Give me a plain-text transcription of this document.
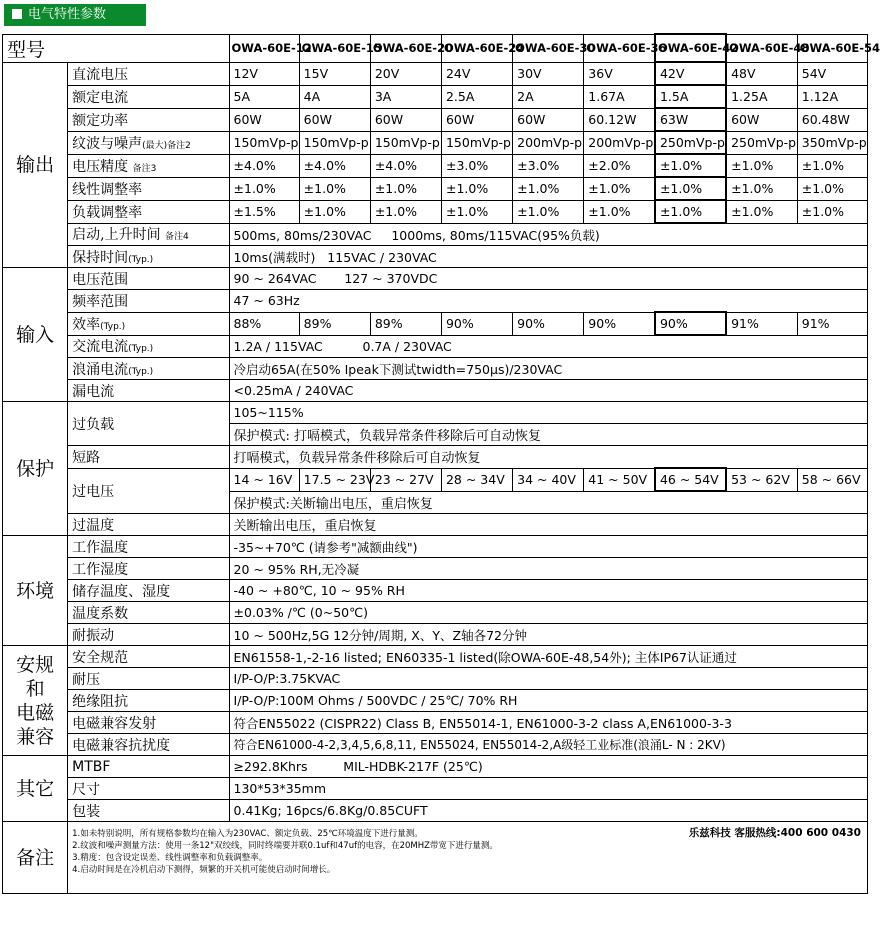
电气特性参数
型号		OWA-60E-12	OWA-60E-15	OWA-60E-20	OWA-60E-24	OWA-60E-30	OWA-60E-36	OWA-60E-42	OWA-60E-48	OWA-60E-54
输出	直流电压	12V	15V	20V	24V	30V	36V	42V	48V	54V
	额定电流	5A	4A	3A	2.5A	2A	1.67A	1.5A	1.25A	1.12A
	额定功率	60W	60W	60W	60W	60W	60.12W	63W	60W	60.48W
	纹波与噪声(最大)备注2	150mVp-p	150mVp-p	150mVp-p	150mVp-p	200mVp-p	200mVp-p	250mVp-p	250mVp-p	350mVp-p
	电压精度 备注3	±4.0%	±4.0%	±4.0%	±3.0%	±3.0%	±2.0%	±1.0%	±1.0%	±1.0%
	线性调整率	±1.0%	±1.0%	±1.0%	±1.0%	±1.0%	±1.0%	±1.0%	±1.0%	±1.0%
	负载调整率	±1.5%	±1.0%	±1.0%	±1.0%	±1.0%	±1.0%	±1.0%	±1.0%	±1.0%
	启动,上升时间 备注4	500ms, 80ms/230VAC     1000ms, 80ms/115VAC(95%负载)								
	保持时间(Typ.)	10ms(满载时)   115VAC / 230VAC								
输入	电压范围	90 ~ 264VAC       127 ~ 370VDC								
	频率范围	47 ~ 63Hz								
	效率(Typ.)	88%	89%	89%	90%	90%	90%	90%	91%	91%
	交流电流(Typ.)	1.2A / 115VAC          0.7A / 230VAC								
	浪涌电流(Typ.)	冷启动65A(在50% Ipeak下测试twidth=750µs)/230VAC								
	漏电流	<0.25mA / 240VAC								
保护	过负载	105~115%								
		保护模式: 打嗝模式，负载异常条件移除后可自动恢复								
	短路	打嗝模式，负载异常条件移除后可自动恢复								
	过电压	14 ~ 16V	17.5 ~ 23V	23 ~ 27V	28 ~ 34V	34 ~ 40V	41 ~ 50V	46 ~ 54V	53 ~ 62V	58 ~ 66V
		保护模式:关断输出电压，重启恢复								
	过温度	关断输出电压，重启恢复								
环境	工作温度	-35~+70℃ (请参考"减额曲线")								
	工作湿度	20 ~ 95% RH,无冷凝								
	储存温度、湿度	-40 ~ +80℃, 10 ~ 95% RH								
	温度系数	±0.03% /℃ (0~50℃)								
	耐振动	10 ~ 500Hz,5G 12分钟/周期, X、Y、Z轴各72分钟								

安规
和
电磁
兼容	安全规范	EN61558-1,-2-16 listed; EN60335-1 listed(除OWA-60E-48,54外); 主体IP67认证通过								
	耐压	I/P-O/P:3.75KVAC								
	绝缘阻抗	I/P-O/P:100M Ohms / 500VDC / 25℃/ 70% RH								
	电磁兼容发射	符合EN55022 (CISPR22) Class B, EN55014-1, EN61000-3-2 class A,EN61000-3-3								
	电磁兼容抗扰度	符合EN61000-4-2,3,4,5,6,8,11, EN55024, EN55014-2,A级轻工业标准(浪涌L- N : 2KV)								
其它	MTBF	≥292.8Khrs         MIL-HDBK-217F (25℃)								
	尺寸	130*53*35mm								
	包装	0.41Kg; 16pcs/6.8Kg/0.85CUFT								
备注	乐兹科技 客服热线:400 600 0430
1.如未特别说明，所有规格参数均在输入为230VAC、额定负载、25℃环境温度下进行量测。
2.纹波和噪声测量方法：使用一条12"双绞线，同时终端要并联0.1uf和47uf的电容，在20MHZ带宽下进行量测。
3.精度：包含设定误差、线性调整率和负载调整率。
4.启动时间是在冷机启动下测得，频繁的开关机可能使启动时间增长。									
